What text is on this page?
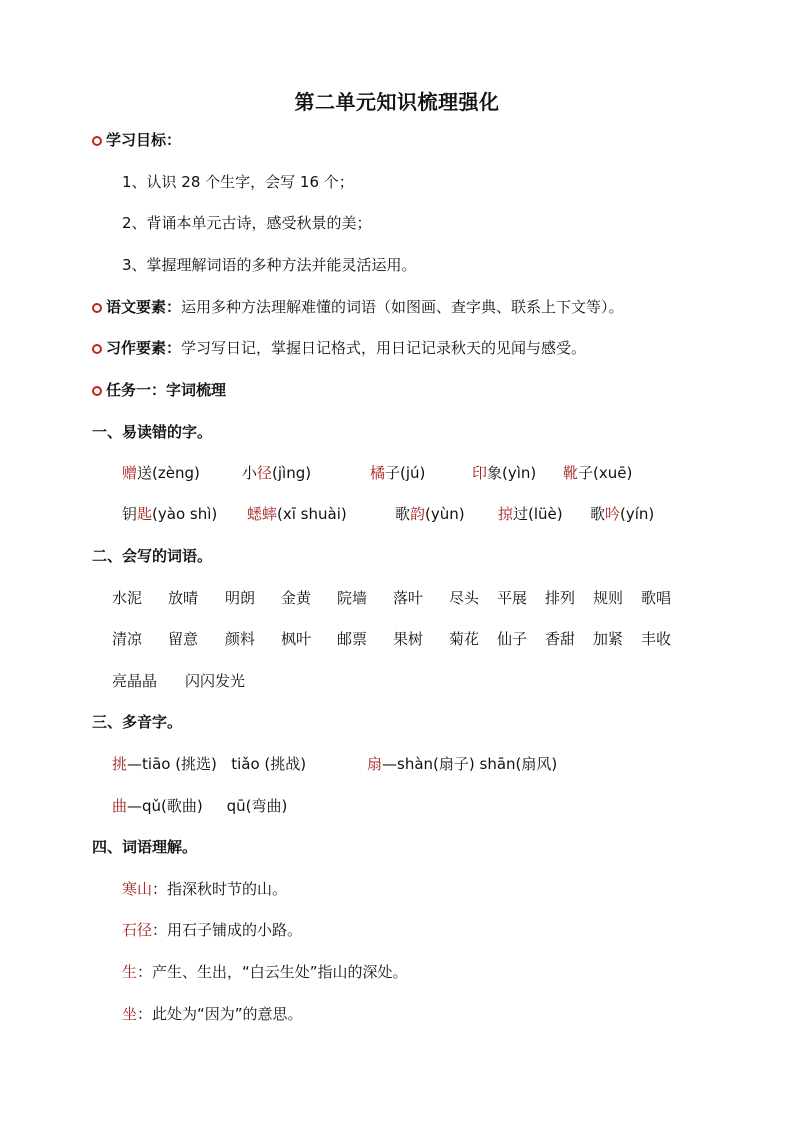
第二单元知识梳理强化
学习目标：
1、认识 28 个生字，会写 16 个；
2、背诵本单元古诗，感受秋景的美；
3、掌握理解词语的多种方法并能灵活运用。
语文要素：运用多种方法理解难懂的词语（如图画、查字典、联系上下文等）。
习作要素：学习写日记，掌握日记格式，用日记记录秋天的见闻与感受。
任务一：字词梳理
一、易读错的字。
赠送(zèng)	小径(jìng)	橘子(jú)	印象(yìn) 靴子(xuē)
钥匙(yào shì) 蟋蟀(xī shuài)	歌韵(yùn) 掠过(lüè) 歌吟(yín)
二、会写的词语。
水泥 放晴 明朗 金黄 院墙 落叶 尽头 平展 排列 规则 歌唱
清凉 留意 颜料 枫叶 邮票 果树 菊花 仙子 香甜 加紧 丰收
亮晶晶 闪闪发光
三、多音字。
挑—tiāo (挑选)   tiǎo (挑战)	扇—shàn(扇子) shān(扇风)
曲—qǔ(歌曲)     qū(弯曲)
四、词语理解。
寒山：指深秋时节的山。
石径：用石子铺成的小路。
生：产生、生出，“白云生处”指山的深处。
坐：此处为“因为”的意思。
